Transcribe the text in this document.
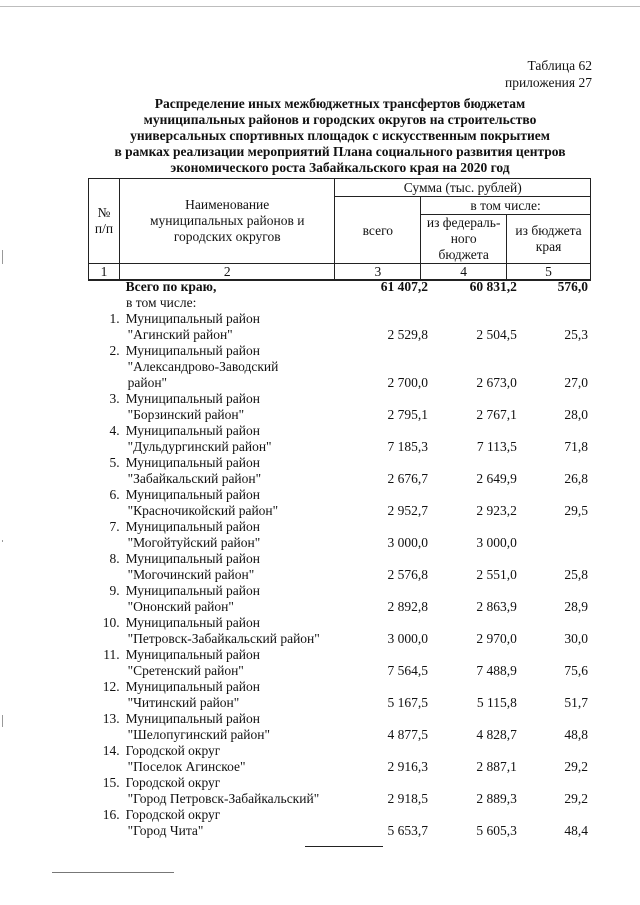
Таблица 62
приложения 27
Распределение иных межбюджетных трансфертов бюджетам
муниципальных районов и городских округов на строительство
универсальных спортивных площадок с искусственным покрытием
в рамках реализации мероприятий Плана социального развития центров
экономического роста Забайкальского края на 2020 год
№ п/п	Наименование муниципальных районов и городских округов	Сумма (тыс. рублей)		
		всего	в том числе:	
			из федераль-ного бюджета	из бюджета края
1	2	3	4	5
Всего по краю,	61 407,2	60 831,2	576,0
в том числе:
1. Муниципальный район
"Агинский район"	2 529,8	2 504,5	25,3
2. Муниципальный район
"Александрово-Заводский
район"	2 700,0	2 673,0	27,0
3. Муниципальный район
"Борзинский район"	2 795,1	2 767,1	28,0
4. Муниципальный район
"Дульдургинский район"	7 185,3	7 113,5	71,8
5. Муниципальный район
"Забайкальский район"	2 676,7	2 649,9	26,8
6. Муниципальный район
"Красночикойский район"	2 952,7	2 923,2	29,5
7. Муниципальный район
"Могойтуйский район"	3 000,0	3 000,0
8. Муниципальный район
"Могочинский район"	2 576,8	2 551,0	25,8
9. Муниципальный район
"Ононский район"	2 892,8	2 863,9	28,9
10. Муниципальный район
"Петровск-Забайкальский район"	3 000,0	2 970,0	30,0
11. Муниципальный район
"Сретенский район"	7 564,5	7 488,9	75,6
12. Муниципальный район
"Читинский район"	5 167,5	5 115,8	51,7
13. Муниципальный район
"Шелопугинский район"	4 877,5	4 828,7	48,8
14. Городской округ
"Поселок Агинское"	2 916,3	2 887,1	29,2
15. Городской округ
"Город Петровск-Забайкальский"	2 918,5	2 889,3	29,2
16. Городской округ
"Город Чита"	5 653,7	5 605,3	48,4
